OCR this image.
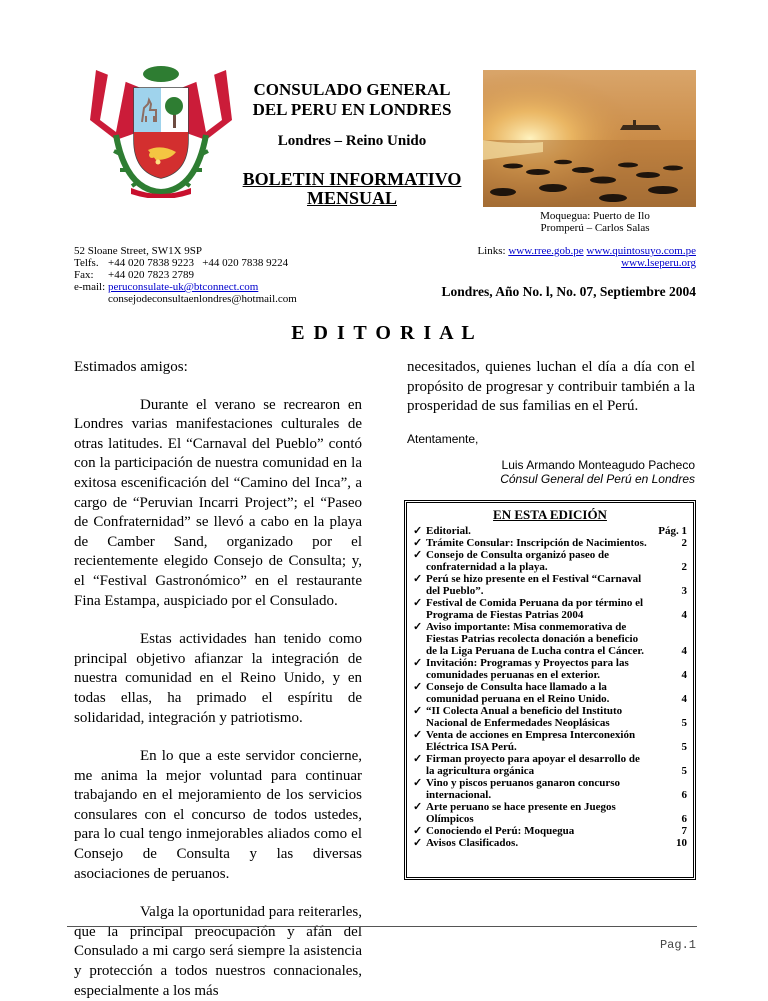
CONSULADO GENERAL
DEL PERU EN LONDRES
Londres – Reino Unido
BOLETIN INFORMATIVO
MENSUAL
Moquegua: Puerto de Ilo
Promperú – Carlos Salas
52 Sloane Street, SW1X 9SP
Telfs. +44 020 7838 9223   +44 020 7838 9224
Fax:	+44 020 7823 2789
e-mail: peruconsulate-uk@btconnect.com
consejodeconsultaenlondres@hotmail.com
Links: www.rree.gob.pe www.quintosuyo.com.pe
www.lseperu.org
Londres, Año No. l, No. 07, Septiembre 2004
E D I T O R I A L
Estimados amigos:
Durante el verano se recrearon en Londres varias manifestaciones culturales de otras latitudes. El “Carnaval del Pueblo” contó con la participación de nuestra comunidad en la exitosa escenificación del “Camino del Inca”, a cargo de “Peruvian Incarri Project”; el “Paseo de Confraternidad” se llevó a cabo en la playa de Camber Sand, organizado por el recientemente elegido Consejo de Consulta; y, el “Festival Gastronómico” en el restaurante Fina Estampa, auspiciado por el Consulado.
Estas actividades han tenido como principal objetivo afianzar la integración de nuestra comunidad en el Reino Unido, y en todas ellas, ha primado el espíritu de solidaridad, integración y patriotismo.
En lo que a este servidor concierne, me anima la mejor voluntad para continuar trabajando en el mejoramiento de los servicios consulares con el concurso de todos ustedes, para lo cual tengo inmejorables aliados como el Consejo de Consulta y las diversas asociaciones de peruanos.
Valga la oportunidad para reiterarles, que la principal preocupación y afán del Consulado a mi cargo será siempre la asistencia y protección a todos nuestros connacionales, especialmente a los más
necesitados, quienes luchan el día a día con el propósito de progresar y contribuir también a la prosperidad de sus familias en el Perú.
Atentamente,
Luis Armando Monteagudo Pacheco
Cónsul General del Perú en Londres
EN ESTA EDICIÓN
✓ Editorial.	Pág. 1
✓ Trámite Consular: Inscripción de Nacimientos.	2
✓ Consejo de Consulta organizó paseo de confraternidad a la playa.	2
✓ Perú se hizo presente en el Festival “Carnaval del Pueblo”.	3
✓ Festival de Comida Peruana da por término el Programa de Fiestas Patrias 2004	4
✓ Aviso importante: Misa conmemorativa de Fiestas Patrias recolecta donación a beneficio de la Liga Peruana de Lucha contra el Cáncer.	4
✓ Invitación: Programas y Proyectos para las comunidades peruanas en el exterior.	4
✓ Consejo de Consulta hace llamado a la comunidad peruana en el Reino Unido.	4
✓ “II Colecta Anual a beneficio del Instituto Nacional de Enfermedades Neoplásicas	5
✓ Venta de acciones en Empresa Interconexión Eléctrica ISA Perú.	5
✓ Firman proyecto para apoyar el desarrollo de la agricultura orgánica	5
✓ Vino y piscos peruanos ganaron concurso internacional.	6
✓ Arte peruano se hace presente en Juegos Olímpicos	6
✓ Conociendo el Perú: Moquegua	7
✓ Avisos Clasificados.	10
Pag.1
